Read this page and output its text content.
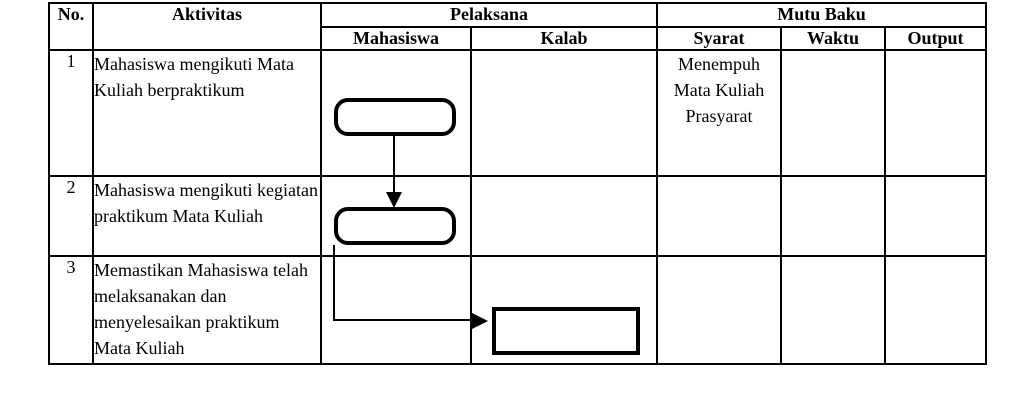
No.	Aktivitas	Pelaksana		Mutu Baku		
		Mahasiswa	Kalab	Syarat	Waktu	Output
1	Mahasiswa mengikuti Mata Kuliah berpraktikum			Menempuh Mata Kuliah Prasyarat		
2	Mahasiswa mengikuti kegiatan praktikum Mata Kuliah					
3	Memastikan Mahasiswa telah melaksanakan dan menyelesaikan praktikum Mata Kuliah					
